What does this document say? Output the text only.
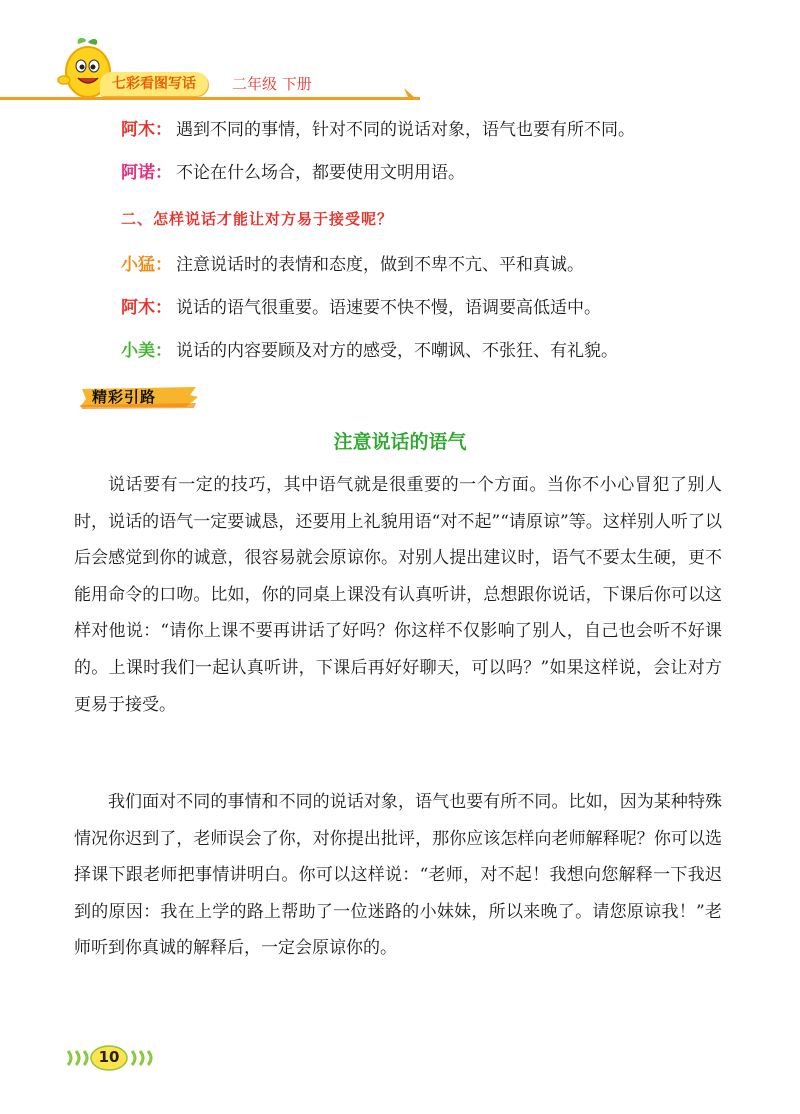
七彩看图写话	二年级 下册
阿木： 遇到不同的事情，针对不同的说话对象，语气也要有所不同。
阿诺： 不论在什么场合，都要使用文明用语。
二、怎样说话才能让对方易于接受呢？
小猛： 注意说话时的表情和态度，做到不卑不亢、平和真诚。
阿木： 说话的语气很重要。语速要不快不慢，语调要高低适中。
小美： 说话的内容要顾及对方的感受，不嘲讽、不张狂、有礼貌。
精彩引路
注意说话的语气

说话要有一定的技巧，其中语气就是很重要的一个方面。当你不小心冒犯了别人时，说话的语气一定要诚恳，还要用上礼貌用语“对不起”“请原谅”等。这样别人听了以后会感觉到你的诚意，很容易就会原谅你。对别人提出建议时，语气不要太生硬，更不能用命令的口吻。比如，你的同桌上课没有认真听讲，总想跟你说话，下课后你可以这样对他说：“请你上课不要再讲话了好吗？你这样不仅影响了别人，自己也会听不好课的。上课时我们一起认真听讲，下课后再好好聊天，可以吗？”如果这样说，会让对方更易于接受。

我们面对不同的事情和不同的说话对象，语气也要有所不同。比如，因为某种特殊情况你迟到了，老师误会了你，对你提出批评，那你应该怎样向老师解释呢？你可以选择课下跟老师把事情讲明白。你可以这样说：“老师，对不起！我想向您解释一下我迟到的原因：我在上学的路上帮助了一位迷路的小妹妹，所以来晚了。请您原谅我！”老师听到你真诚的解释后，一定会原谅你的。

10
